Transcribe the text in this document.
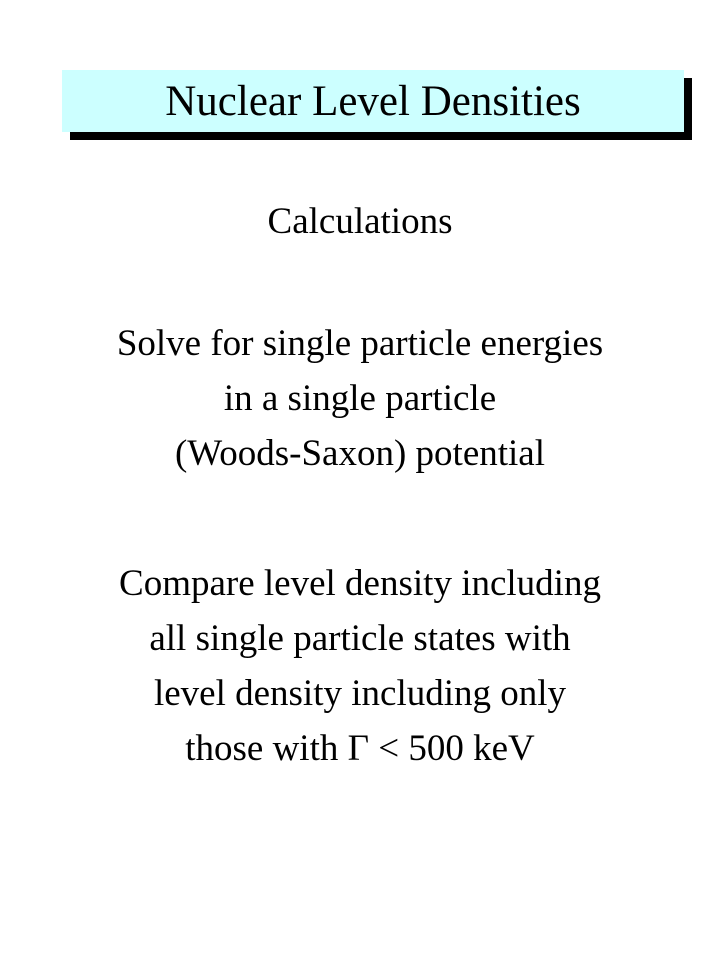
Nuclear Level Densities
Calculations
Solve for single particle energies
in a single particle
(Woods-Saxon) potential
Compare level density including
all single particle states with
level density including only
those with Γ < 500 keV
